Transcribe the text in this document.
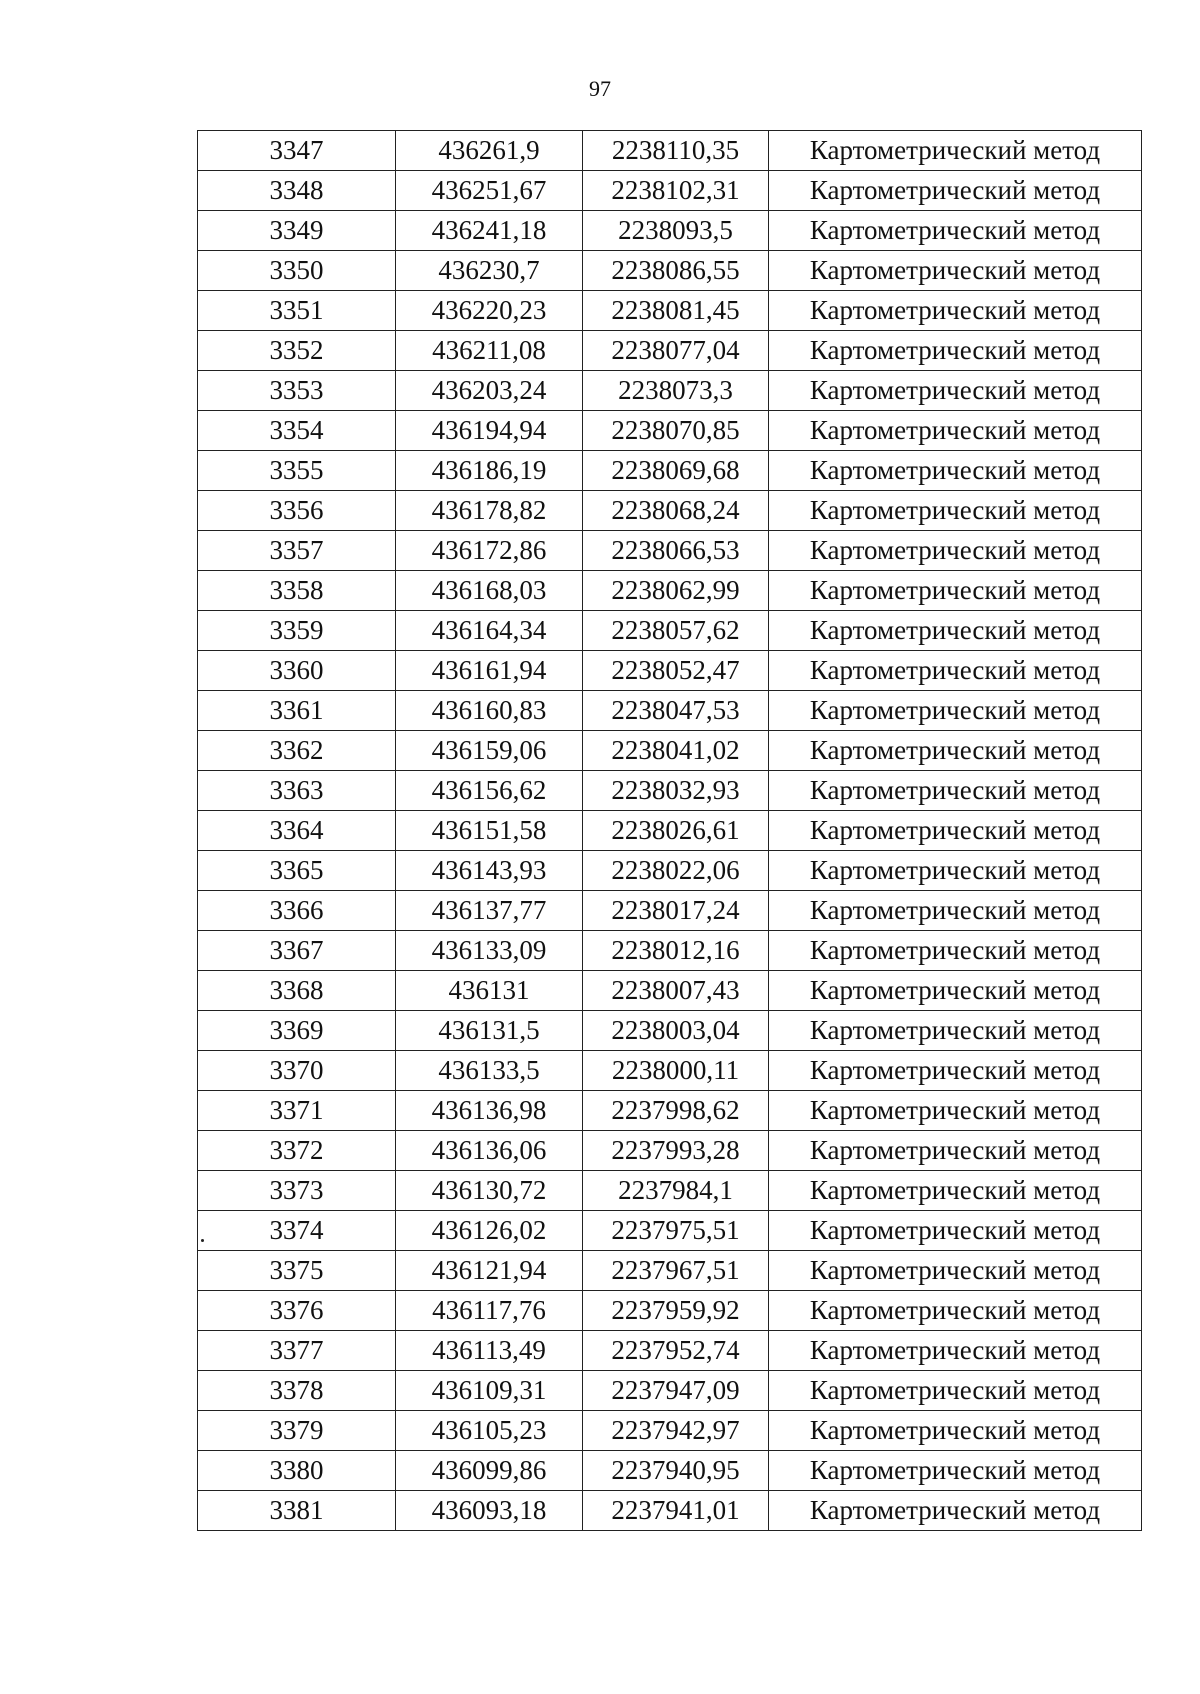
97
3347	436261,9	2238110,35	Картометрический метод
3348	436251,67	2238102,31	Картометрический метод
3349	436241,18	2238093,5	Картометрический метод
3350	436230,7	2238086,55	Картометрический метод
3351	436220,23	2238081,45	Картометрический метод
3352	436211,08	2238077,04	Картометрический метод
3353	436203,24	2238073,3	Картометрический метод
3354	436194,94	2238070,85	Картометрический метод
3355	436186,19	2238069,68	Картометрический метод
3356	436178,82	2238068,24	Картометрический метод
3357	436172,86	2238066,53	Картометрический метод
3358	436168,03	2238062,99	Картометрический метод
3359	436164,34	2238057,62	Картометрический метод
3360	436161,94	2238052,47	Картометрический метод
3361	436160,83	2238047,53	Картометрический метод
3362	436159,06	2238041,02	Картометрический метод
3363	436156,62	2238032,93	Картометрический метод
3364	436151,58	2238026,61	Картометрический метод
3365	436143,93	2238022,06	Картометрический метод
3366	436137,77	2238017,24	Картометрический метод
3367	436133,09	2238012,16	Картометрический метод
3368	436131	2238007,43	Картометрический метод
3369	436131,5	2238003,04	Картометрический метод
3370	436133,5	2238000,11	Картометрический метод
3371	436136,98	2237998,62	Картометрический метод
3372	436136,06	2237993,28	Картометрический метод
3373	436130,72	2237984,1	Картометрический метод
3374	436126,02	2237975,51	Картометрический метод
3375	436121,94	2237967,51	Картометрический метод
3376	436117,76	2237959,92	Картометрический метод
3377	436113,49	2237952,74	Картометрический метод
3378	436109,31	2237947,09	Картометрический метод
3379	436105,23	2237942,97	Картометрический метод
3380	436099,86	2237940,95	Картометрический метод
3381	436093,18	2237941,01	Картометрический метод
